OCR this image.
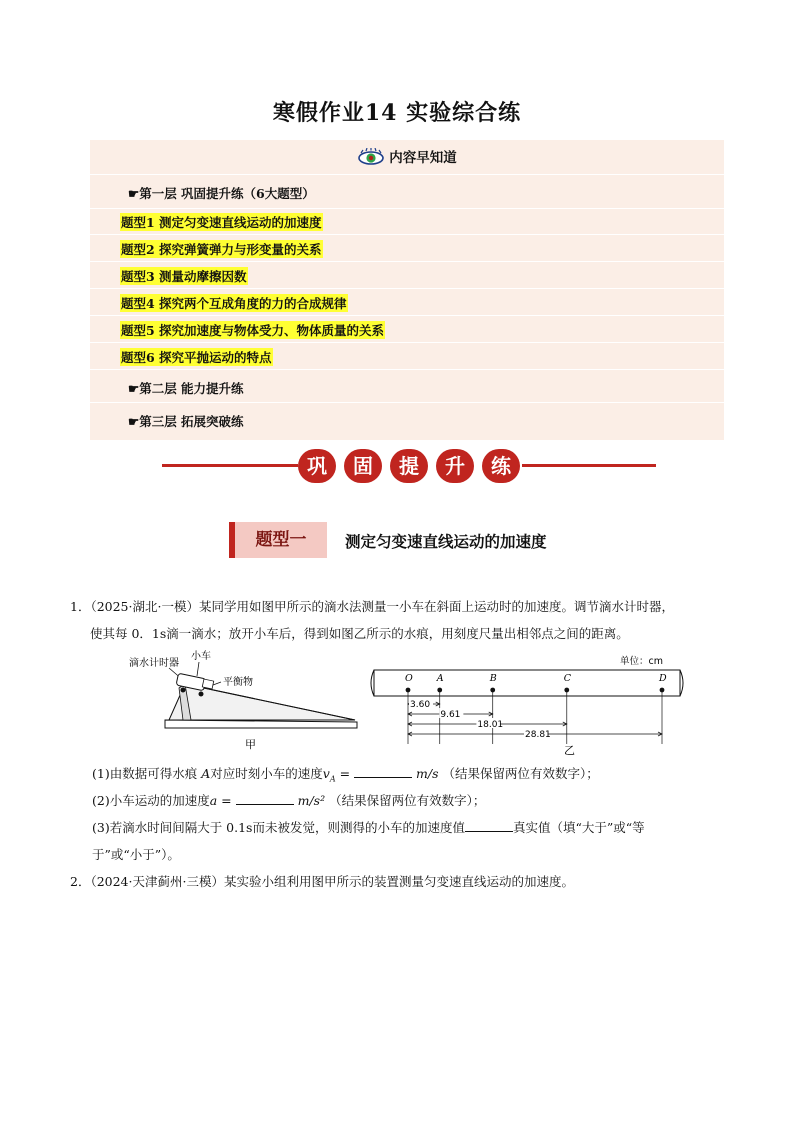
寒假作业14 实验综合练
内容早知道
☛第一层 巩固提升练（6大题型）
题型1 测定匀变速直线运动的加速度
题型2 探究弹簧弹力与形变量的关系
题型3 测量动摩擦因数
题型4 探究两个互成角度的力的合成规律
题型5 探究加速度与物体受力、物体质量的关系
题型6 探究平抛运动的特点
☛第二层 能力提升练
☛第三层 拓展突破练
巩	固	提	升	练
题型一	测定匀变速直线运动的加速度
1．（2025·湖北·一模）某同学用如图甲所示的滴水法测量一小车在斜面上运动时的加速度。调节滴水计时器，
使其每 0．1s滴一滴水；放开小车后，得到如图乙所示的水痕，用刻度尺量出相邻点之间的距离。
滴水计时器
小车
平衡物
甲
单位：cm
O	A	B	C	D
3.60
9.61
18.01
28.81
乙
(1)由数据可得水痕 A对应时刻小车的速度$v_A$ =	m/s （结果保留两位有效数字）；
(2)小车运动的加速度a =	m/s² （结果保留两位有效数字）；
(3)若滴水时间间隔大于 0.1s而未被发觉，则测得的小车的加速度值	真实值（填“大于”或“等
于”或“小于”）。
2．（2024·天津蓟州·三模）某实验小组利用图甲所示的装置测量匀变速直线运动的加速度。
